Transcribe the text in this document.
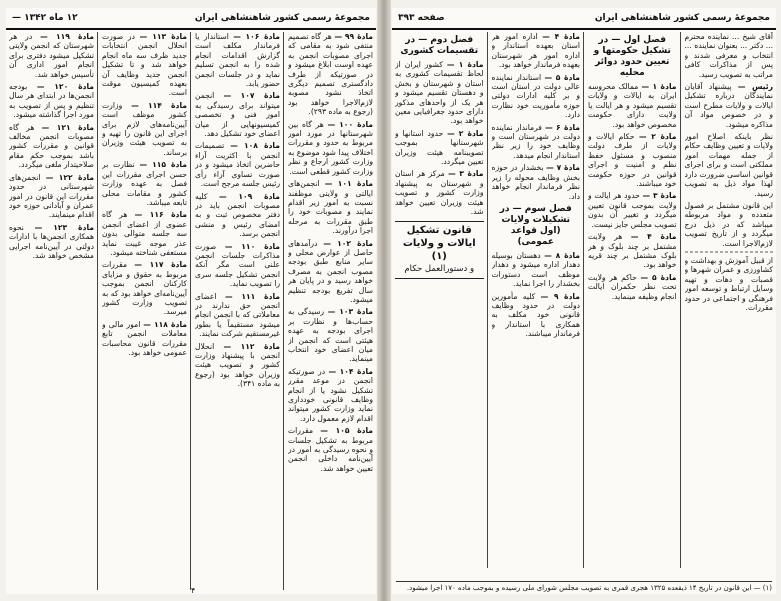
مجموعهٔ رسمی کشور شاهنشاهی ایران
۱۲ ماه ۱۳۴۲ —
مادهٔ ۹۹ — هر گاه تصمیم منتفی شود به مقامی که اجرای مصوبات انجمن به عهده اوست ابلاغ میشود و در صورتیکه از طرف دادگستری تصمیم دیگری اتخاذ نشود مصوبه لازم‌الاجرا خواهد بود (رجوع به ماده ۲۹۳).
مادهٔ ۱۰۰ — هر گاه بین شهرستانها در مورد امور مربوط به حدود و مقررات اختلاف پیدا شود موضوع به وزارت کشور ارجاع و نظر وزارت کشور قطعی است.
مادهٔ ۱۰۱ — انجمن‌های ایالتی و ولایتی موظفند نسبت به امور زیر اقدام نمایند و مصوبات خود را طبق مقررات به مرحله اجرا درآورند.
مادهٔ ۱۰۲ — درآمدهای حاصل از عوارض محلی و سایر منابع طبق بودجه مصوب انجمن به مصرف خواهد رسید و در پایان هر سال تفریغ بودجه تنظیم میشود.
مادهٔ ۱۰۳ — رسیدگی به حساب‌ها و نظارت بر اجرای بودجه به عهده هیئتی است که انجمن از میان اعضای خود انتخاب مینماید.
مادهٔ ۱۰۴ — در صورتیکه انجمن در موعد مقرر تشکیل نشود یا از انجام وظایف قانونی خودداری نماید وزارت کشور میتواند اقدام لازم معمول دارد.
مادهٔ ۱۰۵ — مقررات مربوط به تشکیل جلسات و نحوه رسیدگی به امور در آیین‌نامه داخلی انجمن تعیین خواهد شد.
مادهٔ ۱۰۶ — استاندار یا فرماندار مکلف است گزارش اقدامات انجام شده را به انجمن تسلیم نماید و در جلسات انجمن حضور یابد.
مادهٔ ۱۰۷ — انجمن میتواند برای رسیدگی به امور فنی و تخصصی کمیسیونهایی از میان اعضای خود تشکیل دهد.
مادهٔ ۱۰۸ — تصمیمات انجمن با اکثریت آراء حاضرین اتخاذ میشود و در صورت تساوی آراء رأی رئیس جلسه مرجح است.
مادهٔ ۱۰۹ — کلیه مصوبات انجمن باید در دفتر مخصوص ثبت و به امضای رئیس و منشی انجمن برسد.
مادهٔ ۱۱۰ — صورت مذاکرات جلسات انجمن علنی است مگر آنکه انجمن تشکیل جلسه سری را تصویب نماید.
مادهٔ ۱۱۱ — اعضای انجمن حق ندارند در معاملاتی که با انجمن انجام میشود مستقیماً یا بطور غیرمستقیم شرکت نمایند.
مادهٔ ۱۱۲ — انحلال انجمن با پیشنهاد وزارت کشور و تصویب هیئت وزیران خواهد بود (رجوع به ماده ۳۴۱).
مادهٔ ۱۱۳ — در صورت انحلال انجمن انتخابات جدید ظرف سه ماه انجام خواهد شد و تا تشکیل انجمن جدید وظایف آن بعهده کمیسیون موقت است.
مادهٔ ۱۱۴ — وزارت کشور موظف است آیین‌نامه‌های لازم برای اجرای این قانون را تهیه و به تصویب هیئت وزیران برساند.
مادهٔ ۱۱۵ — نظارت بر حسن اجرای مقررات این فصل به عهده وزارت کشور و مقامات محلی تابعه میباشد.
مادهٔ ۱۱۶ — هر گاه عضوی از اعضای انجمن سه جلسه متوالی بدون عذر موجه غیبت نماید مستعفی شناخته میشود.
مادهٔ ۱۱۷ — مقررات مربوط به حقوق و مزایای کارکنان انجمن بموجب آیین‌نامه‌ای خواهد بود که به تصویب وزارت کشور میرسد.
مادهٔ ۱۱۸ — امور مالی و معاملات انجمن تابع مقررات قانون محاسبات عمومی خواهد بود.
مادهٔ ۱۱۹ — در هر شهرستان که انجمن ولایتی تشکیل میشود دفتری برای انجام امور اداری آن تأسیس خواهد شد.
مادهٔ ۱۲۰ — بودجه انجمن‌ها در ابتدای هر سال تنظیم و پس از تصویب به مورد اجرا گذاشته میشود.
مادهٔ ۱۲۱ — هر گاه مصوبات انجمن مخالف قوانین و مقررات کشور باشد بموجب حکم مقام صلاحیتدار ملغی میگردد.
مادهٔ ۱۲۲ — انجمن‌های شهرستانی در حدود مقررات این قانون در امور عمران و آبادانی حوزه خود اقدام مینمایند.
مادهٔ ۱۲۳ — نحوه همکاری انجمن‌ها با ادارات دولتی در آیین‌نامه اجرایی مشخص خواهد شد.
۴
مجموعهٔ رسمی کشور شاهنشاهی ایران
صفحه ۳۹۳
آقای شیخ ... نماینده محترم ... دکتر ... بعنوان نماینده ... انتخاب و معرفی شدند و پس از مذاکرات کافی مراتب به تصویب رسید.
رئیس — پیشنهاد آقایان نمایندگان درباره تشکیل ایالات و ولایات مطرح است و در خصوص مواد آن مذاکره میشود.
نظر باینکه اصلاح امور ولایات و تعیین وظایف حکام از جمله مهمات امور مملکتی است و برای اجرای قوانین اساسی ضرورت دارد لهذا مواد ذیل به تصویب رسید.
این قانون مشتمل بر فصول متعدده و مواد مربوطه میباشد که در ذیل درج میگردد و از تاریخ تصویب لازم‌الاجرا است.
از قبیل آموزش و بهداشت و کشاورزی و عمران شهرها و قصبات و دهات و تهیه وسایل ارتباط و توسعه امور فرهنگی و اجتماعی در حدود مقررات.
فصل اول — در تشکیل حکومتها و تعیین حدود دوائر محلیه
مادهٔ ۱ — ممالک محروسه ایران به ایالات و ولایات تقسیم میشود و هر ایالت یا ولایت دارای حکومت مخصوص خواهد بود.
مادهٔ ۲ — حکام ایالات و ولایات از طرف دولت منصوب و مسئول حفظ نظم و امنیت و اجرای قوانین در حوزه حکومت خود میباشند.
مادهٔ ۳ — حدود هر ایالت و ولایت بموجب قانون تعیین میگردد و تغییر آن بدون تصویب مجلس جایز نیست.
مادهٔ ۴ — هر ولایت مشتمل بر چند بلوک و هر بلوک مشتمل بر چند قریه خواهد بود.
مادهٔ ۵ — حاکم هر ولایت تحت نظر حکمران ایالت انجام وظیفه مینماید.
مادهٔ ۴ — اداره امور هر استان بعهده استاندار و اداره امور هر شهرستان بعهده فرماندار خواهد بود.
مادهٔ ۵ — استاندار نماینده عالی دولت در استان است و بر کلیه ادارات دولتی حوزه مأموریت خود نظارت دارد.
مادهٔ ۶ — فرماندار نماینده دولت در شهرستان است و وظایف خود را زیر نظر استاندار انجام میدهد.
مادهٔ ۷ — بخشدار در حوزه بخش وظایف محوله را زیر نظر فرماندار انجام خواهد داد.
فصل سوم — در تشکیلات ولایات (اول قواعد عمومی)
مادهٔ ۸ — دهستان بوسیله دهدار اداره میشود و دهدار موظف است دستورات بخشدار را اجرا نماید.
مادهٔ ۹ — کلیه مأمورین دولت در حدود وظایف قانونی خود مکلف به همکاری با استاندار و فرماندار میباشند.
فصل دوم — در تقسیمات کشوری
مادهٔ ۱ — کشور ایران از لحاظ تقسیمات کشوری به استان و شهرستان و بخش و دهستان تقسیم میشود و هر یک از واحدهای مذکور دارای حدود جغرافیایی معین خواهد بود.
مادهٔ ۲ — حدود استانها و شهرستانها بموجب تصویبنامه هیئت وزیران تعیین میگردد.
مادهٔ ۳ — مرکز هر استان و شهرستان به پیشنهاد وزارت کشور و تصویب هیئت وزیران تعیین خواهد شد.
قانون تشکیل ایالات و ولایات (۱)
و دستورالعمل حکام
(۱) — این قانون در تاریخ ۱۴ ذیقعده ۱۳۲۵ هجری قمری به تصویب مجلس شورای ملی رسیده و بموجب ماده ۱۷۰ اجرا میشود.
